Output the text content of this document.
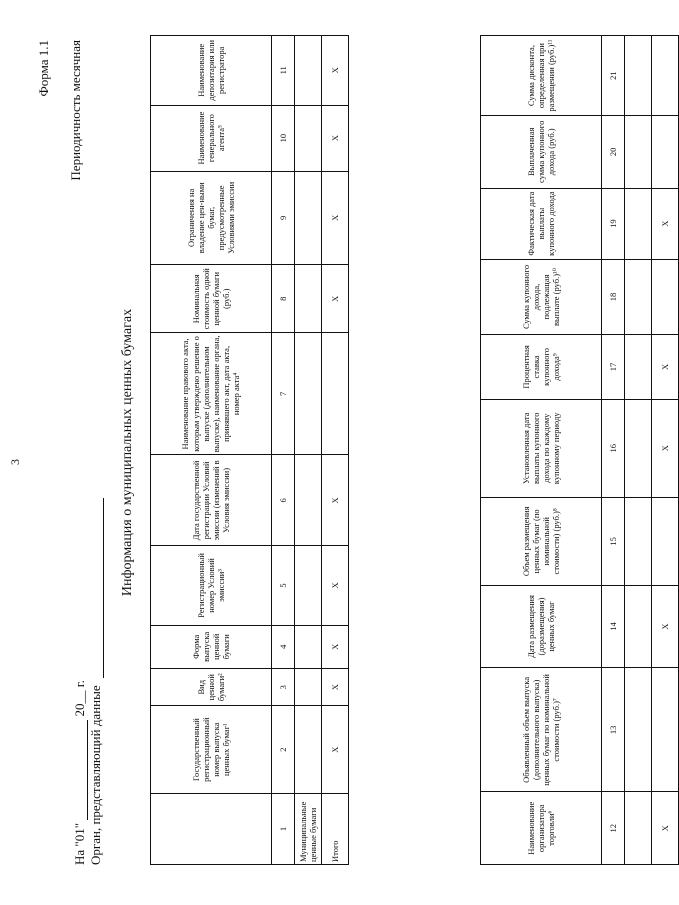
3
Форма 1.1 Периодичность месячная
На "01"  20__ г. Орган, представляющий данные
Информация о муниципальных ценных бумагах
	Государственный регистрационный номер выпуска ценных бумаг¹	Вид ценной бумаги²	Форма выпуска ценной бумаги	Регистрационный номер Условий эмиссии³	Дата государственной регистрации Условий эмиссии (изменений в Условия эмиссии)	Наименование правового акта, которым утверждено решение о выпуске (дополнительном выпуске), наименование органа, принявшего акт, дата акта, номер акта⁴	Номинальная стоимость одной ценной бумаги (руб.)	Ограничения на владение цен-ными бумаг, предусмотренные Условиями эмиссии	Наименование генерального агента⁵	Наименование депозитария или регистратора
1	2	3	4	5	6	7	8	9	10	11
Муниципальные ценные бумаги										
Итого	X	X	X	X	X		X	X	X	X
Наименование организатора торговли⁶	Объявленный объем выпуска (дополнительного выпуска) ценных бумаг по номинальной стоимости (руб.)⁷	Дата размещения (доразмещения) ценных бумаг	Объем размещения ценных бумаг (по номинальной стоимости) (руб.)⁸	Установленная дата выплаты купонного дохода по каждому купонному периоду	Процентная ставка купонного дохода⁹	Сумма купонного дохода, подлежащая выплате (руб.)¹⁰	Фактическая дата выплаты купонного дохода	Выплаченная сумма купонного дохода (руб.)	Сумма дисконта, определенная при размещении (руб.)¹¹
12	13	14	15	16	17	18	19	20	21

X		X		X	X		X		
